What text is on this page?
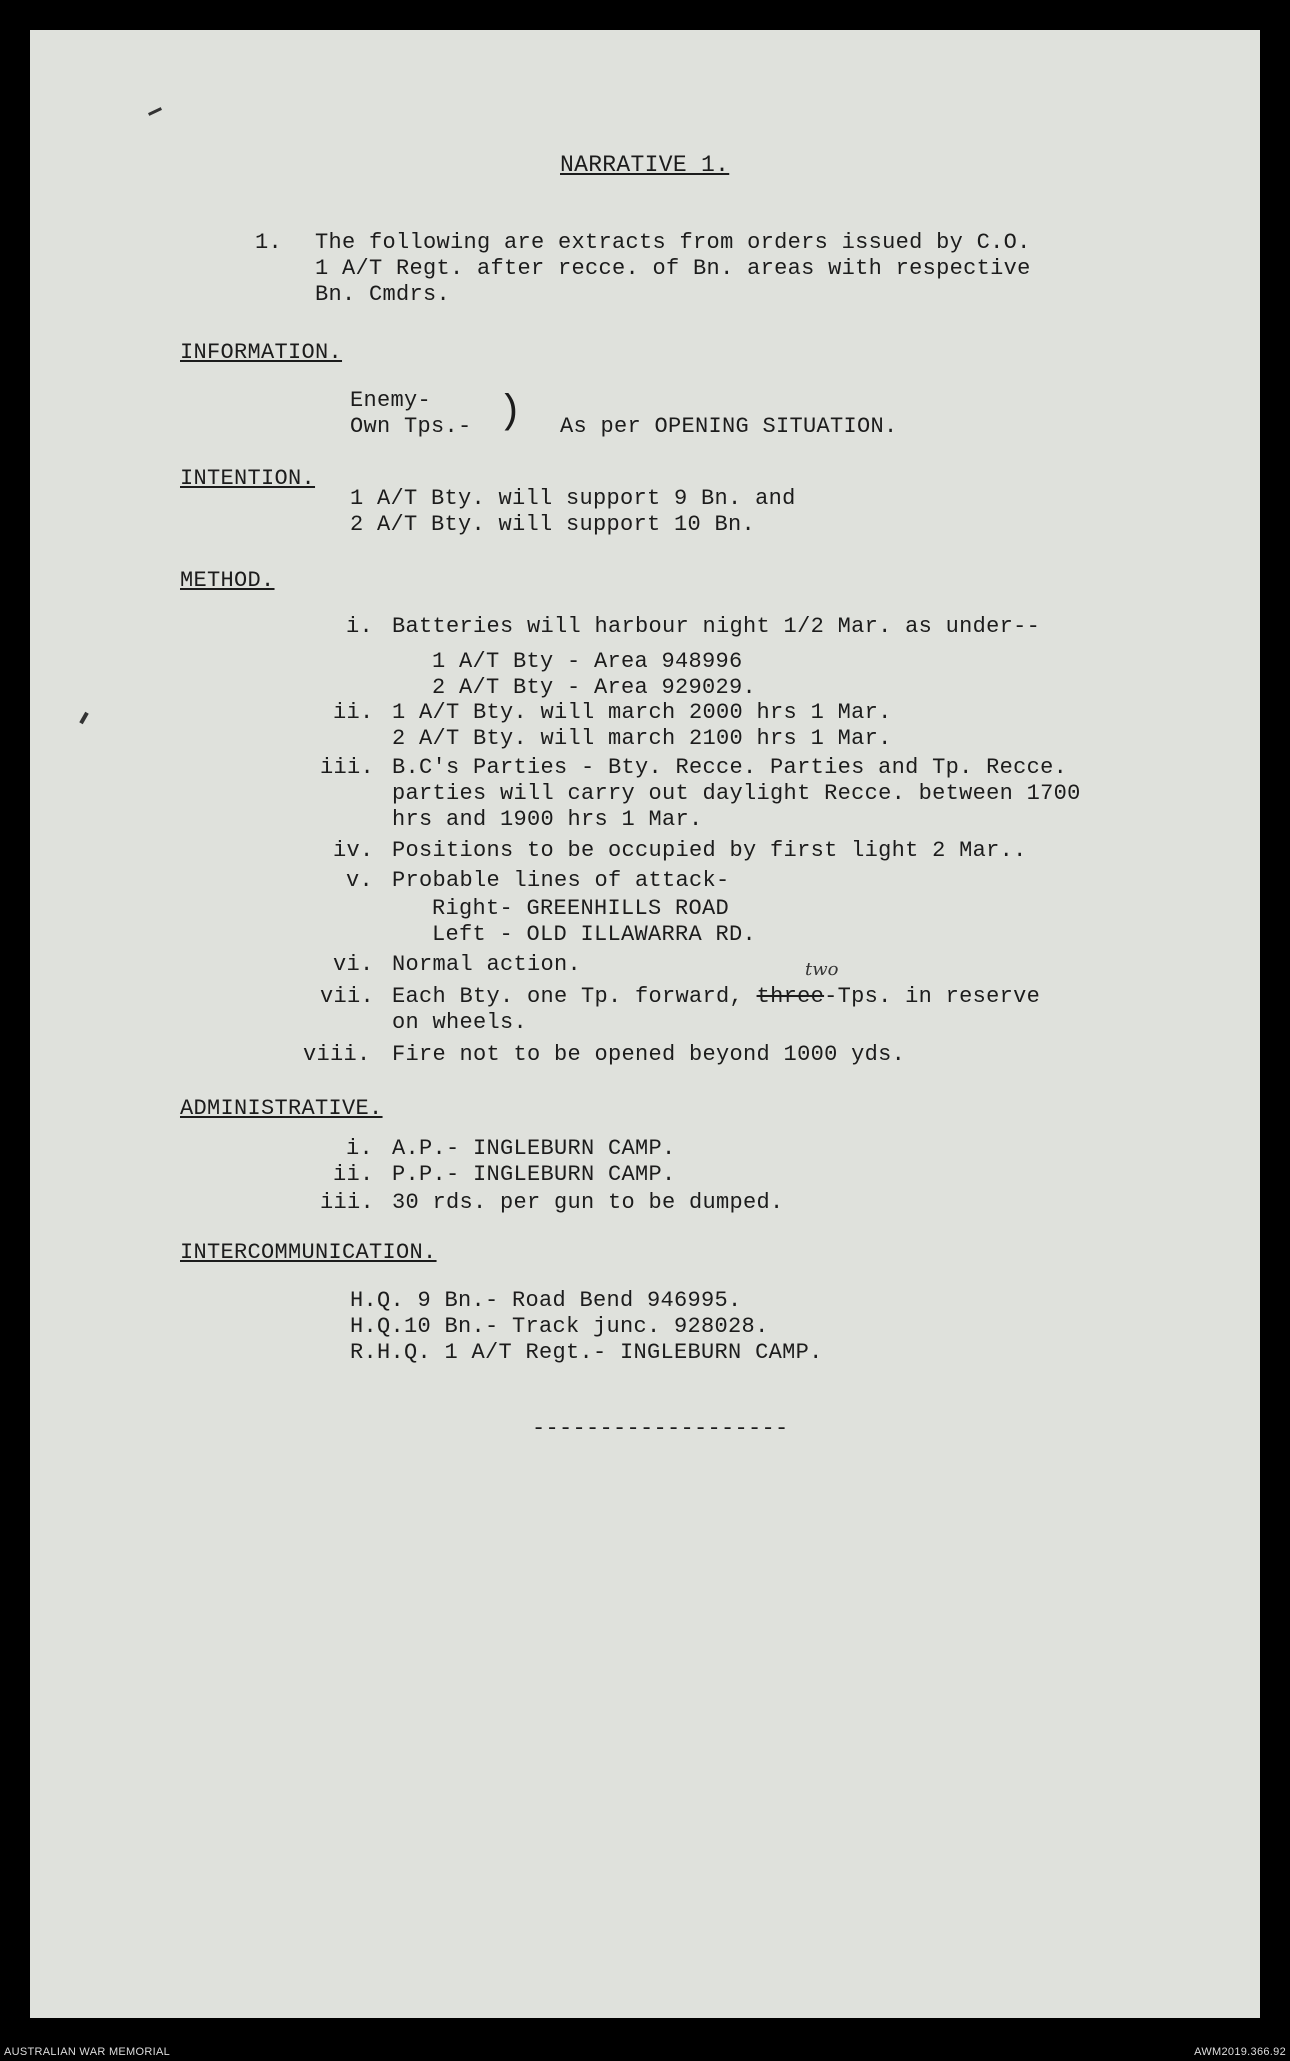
NARRATIVE 1.
1. The following are extracts from orders issued by C.O.
1 A/T Regt. after recce. of Bn. areas with respective
Bn. Cmdrs.
INFORMATION.
Enemy-
Own Tps.- ) As per OPENING SITUATION.
INTENTION.
1 A/T Bty. will support 9 Bn. and
2 A/T Bty. will support 10 Bn.
METHOD.
i. Batteries will harbour night 1/2 Mar. as under--
1 A/T Bty - Area 948996
2 A/T Bty - Area 929029.
ii. 1 A/T Bty. will march 2000 hrs 1 Mar.
2 A/T Bty. will march 2100 hrs 1 Mar.
iii. B.C's Parties - Bty. Recce. Parties and Tp. Recce.
parties will carry out daylight Recce. between 1700
hrs and 1900 hrs 1 Mar.
iv. Positions to be occupied by first light 2 Mar..
v. Probable lines of attack-
Right- GREENHILLS ROAD
Left - OLD ILLAWARRA RD.
vi. Normal action.
vii. Each Bty. one Tp. forward, three-Tps. in reserve
two
on wheels.
viii. Fire not to be opened beyond 1000 yds.
ADMINISTRATIVE.
i. A.P.- INGLEBURN CAMP.
ii. P.P.- INGLEBURN CAMP.
iii. 30 rds. per gun to be dumped.
INTERCOMMUNICATION.
H.Q. 9 Bn.- Road Bend 946995.
H.Q.10 Bn.- Track junc. 928028.
R.H.Q. 1 A/T Regt.- INGLEBURN CAMP.
-------------------
AUSTRALIAN WAR MEMORIAL	AWM2019.366.92
